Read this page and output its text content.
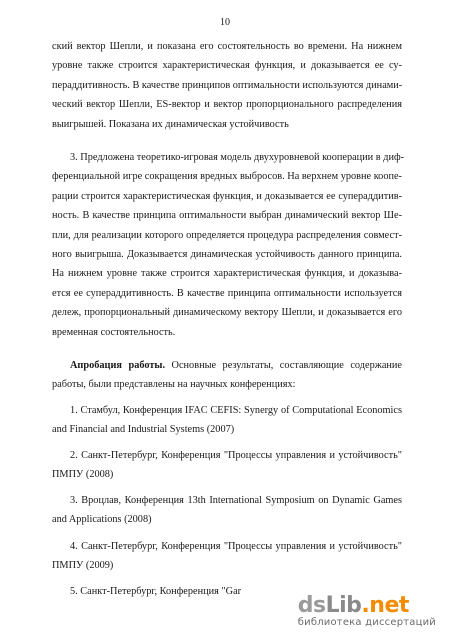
10
ский вектор Шепли, и показана его состоятельность во времени. На нижнем
уровне также строится характеристическая функция, и доказывается ее су-
пераддитивность. В качестве принципов оптимальности используются динами-
ческий вектор Шепли, ES-вектор и вектор пропорционального распределения
выигрышей. Показана их динамическая устойчивость
3. Предложена теоретико-игровая модель двухуровневой кооперации в диф-
ференциальной игре сокращения вредных выбросов. На верхнем уровне коопе-
рации строится характеристическая функция, и доказывается ее супераддитив-
ность. В качестве принципа оптимальности выбран динамический вектор Ше-
пли, для реализации которого определяется процедура распределения совмест-
ного выигрыша. Доказывается динамическая устойчивость данного принципа.
На нижнем уровне также строится характеристическая функция, и доказыва-
ется ее супераддитивность. В качестве принципа оптимальности используется
дележ, пропорциональный динамическому вектору Шепли, и доказывается его
временная состоятельность.
Апробация работы. Основные результаты, составляющие содержание
работы, были представлены на научных конференциях:
1. Стамбул, Конференция IFAC CEFIS: Synergy of Computational Economics
and Financial and Industrial Systems (2007)
2. Санкт-Петербург, Конференция "Процессы управления и устойчивость"
ПМПУ (2008)
3. Вроцлав, Конференция 13th International Symposium on Dynamic Games
and Applications (2008)
4. Санкт-Петербург, Конференция "Процессы управления и устойчивость"
ПМПУ (2009)
5. Санкт-Петербург, Конференция "Gar
ds Lib . net
библиотека диссертаций
